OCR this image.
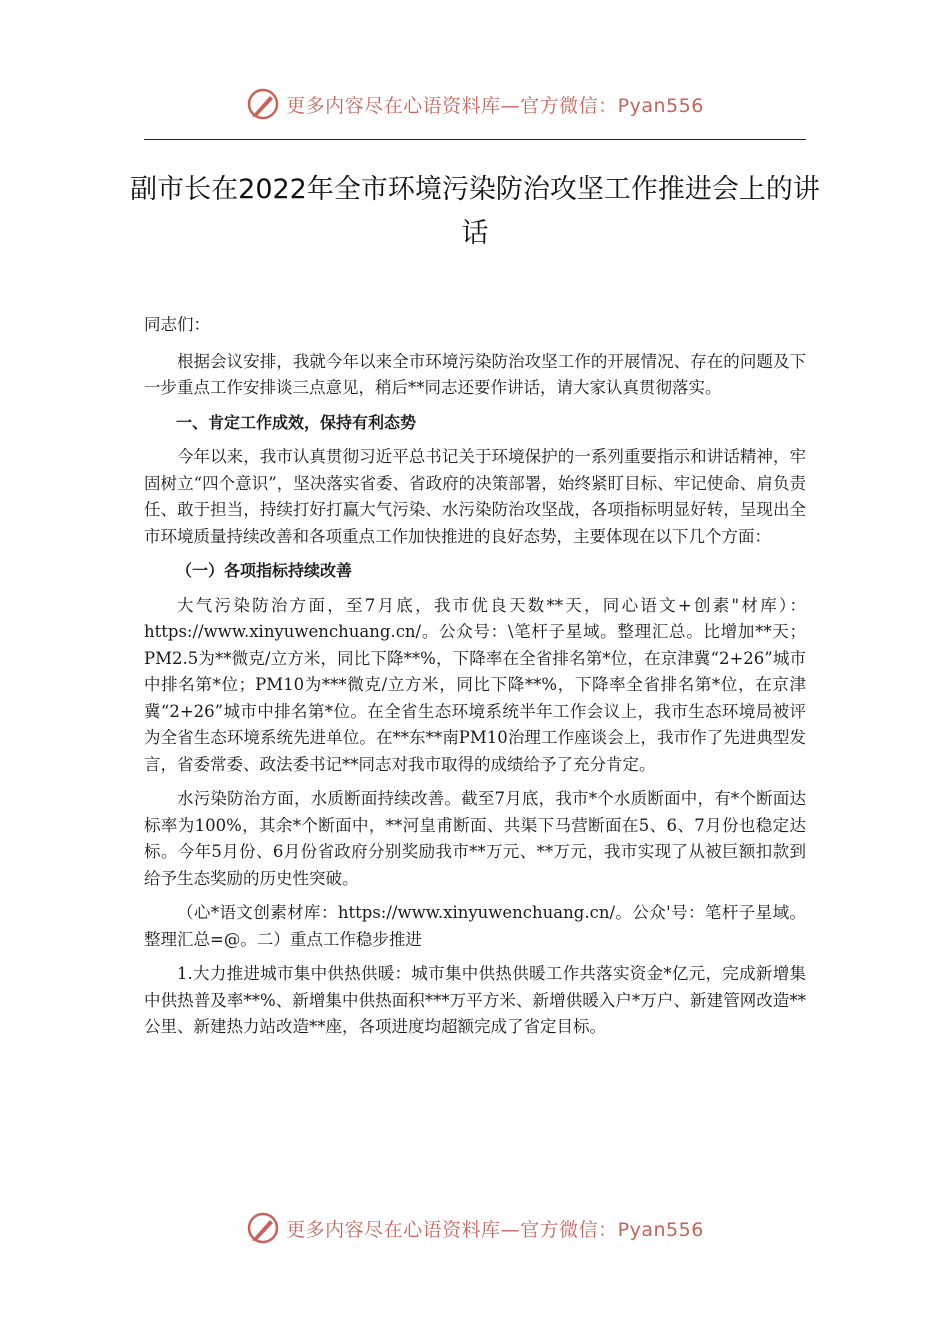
更多内容尽在心语资料库—官方微信：Pyan556
副市长在2022年全市环境污染防治攻坚工作推进会上的讲话

同志们：

根据会议安排，我就今年以来全市环境污染防治攻坚工作的开展情况、存在的问题及下一步重点工作安排谈三点意见，稍后**同志还要作讲话，请大家认真贯彻落实。

一、肯定工作成效，保持有利态势

今年以来，我市认真贯彻习近平总书记关于环境保护的一系列重要指示和讲话精神，牢固树立“四个意识”，坚决落实省委、省政府的决策部署，始终紧盯目标、牢记使命、肩负责任、敢于担当，持续打好打赢大气污染、水污染防治攻坚战，各项指标明显好转，呈现出全市环境质量持续改善和各项重点工作加快推进的良好态势，主要体现在以下几个方面：

（一）各项指标持续改善

大气污染防治方面，至7月底，我市优良天数**天，同心语文+创素"材库）：https://www.xinyuwenchuang.cn/。公众号：\笔杆子星域。整理汇总。比增加**天；PM2.5为**微克/立方米，同比下降**%，下降率在全省排名第*位，在京津冀“2+26”城市中排名第*位；PM10为***微克/立方米，同比下降**%，下降率全省排名第*位，在京津冀“2+26”城市中排名第*位。在全省生态环境系统半年工作会议上，我市生态环境局被评为全省生态环境系统先进单位。在**东**南PM10治理工作座谈会上，我市作了先进典型发言，省委常委、政法委书记**同志对我市取得的成绩给予了充分肯定。

水污染防治方面，水质断面持续改善。截至7月底，我市*个水质断面中，有*个断面达标率为100%，其余*个断面中，**河皇甫断面、共渠下马营断面在5、6、7月份也稳定达标。今年5月份、6月份省政府分别奖励我市**万元、**万元，我市实现了从被巨额扣款到给予生态奖励的历史性突破。

（心*语文创素材库：https://www.xinyuwenchuang.cn/。公众'号：笔杆子星域。整理汇总=@。二）重点工作稳步推进

1.大力推进城市集中供热供暖：城市集中供热供暖工作共落实资金*亿元，完成新增集中供热普及率**%、新增集中供热面积***万平方米、新增供暖入户*万户、新建管网改造**公里、新建热力站改造**座，各项进度均超额完成了省定目标。

更多内容尽在心语资料库—官方微信：Pyan556
